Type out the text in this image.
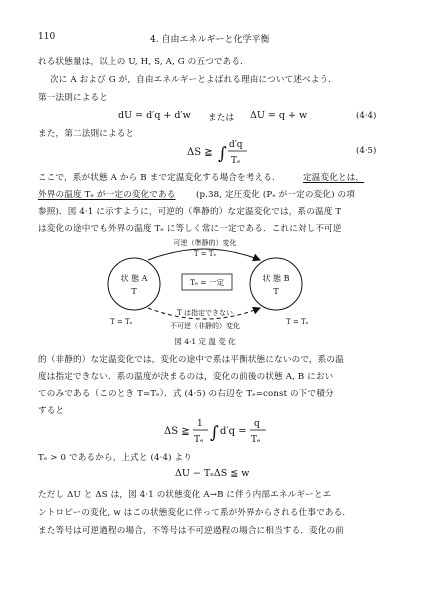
110	4. 自由エネルギーと化学平衡
れる状態量は，以上の U, H, S, A, G の五つである．
次に A および G が，自由エネルギーとよばれる理由について述べよう．
第一法則によると
dU = d′q + d′w または ΔU = q + w	(4·4)
また，第二法則によると
ΔS ≧ ∫ d′q
Tₑ
(4·5)
ここで，系が状態 A から B まで定温変化する場合を考える．	定温変化とは，
外界の温度 Tₑ が一定の変化である (p.38, 定圧変化 (Pₑ が一定の変化) の項
参照)．図 4·1 に示すように，可逆的（準静的）な定温変化では，系の温度 T
は変化の途中でも外界の温度 Tₑ に等しく常に一定である．これに対し不可逆
可逆（準静的）変化
T = Tₑ
Tₑ = 一定
状 態 A
T
状 態 B
T
T は指定できない
不可逆（非静的）変化
T = Tₑ	T = Tₑ
図 4·1 定 温 変 化
的（非静的）な定温変化では，変化の途中で系は平衡状態にないので，系の温
度は指定できない．系の温度が決まるのは，変化の前後の状態 A, B におい
てのみである（このとき T=Tₑ）．式 (4·5) の右辺を Tₑ=const の下で積分
すると
ΔS ≧
1
Tₑ ∫ d′q =
q
Tₑ
Tₑ > 0 であるから，上式と (4·4) より
ΔU − TₑΔS ≦ w
ただし ΔU と ΔS は，図 4·1 の状態変化 A→B に伴う内部エネルギーとエ
ントロピーの変化, w はこの状態変化に伴って系が外界からされる仕事である．
また等号は可逆過程の場合，不等号は不可逆過程の場合に相当する．変化の前
